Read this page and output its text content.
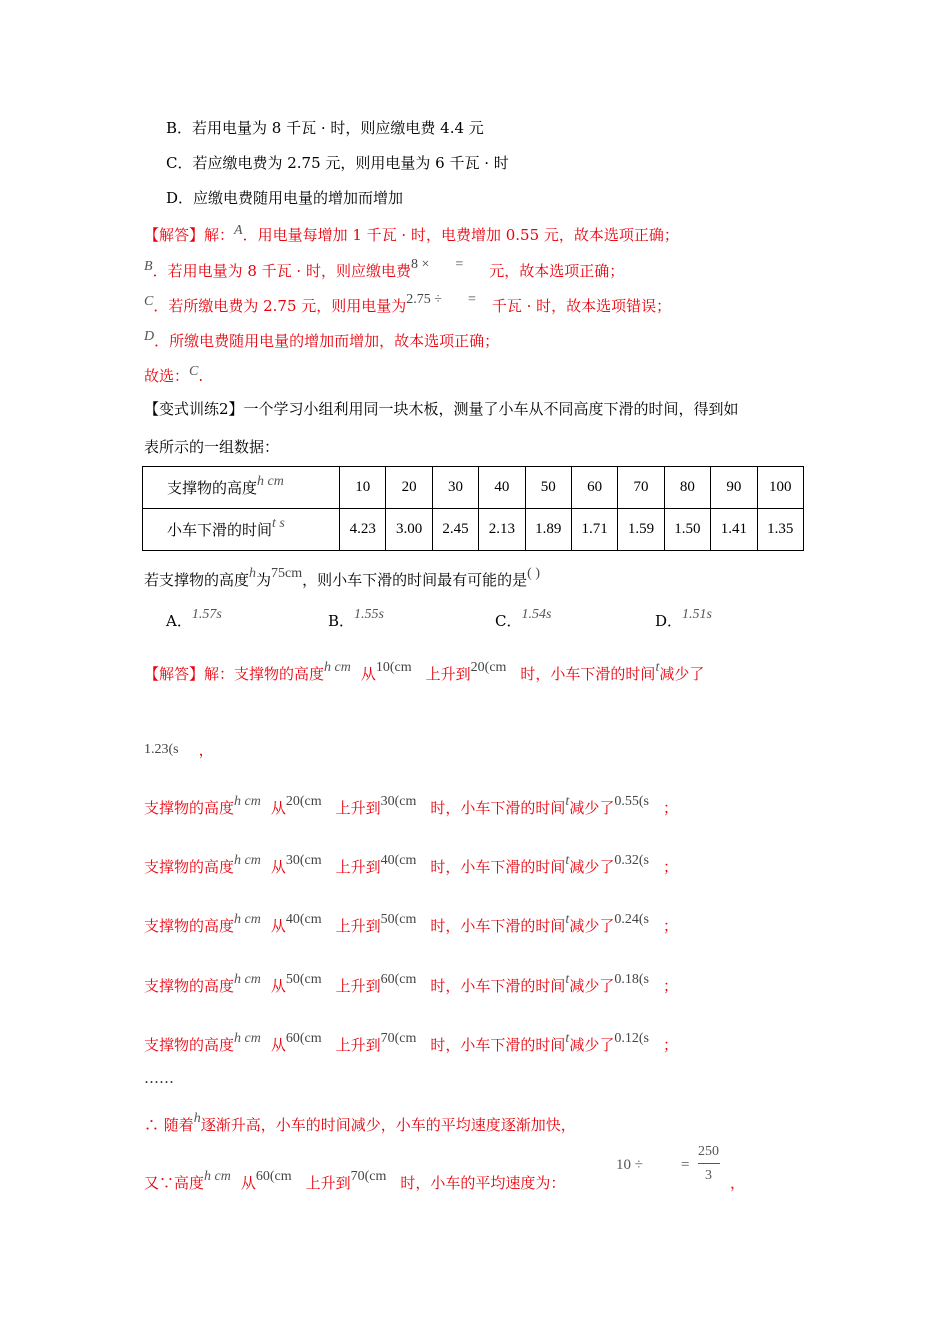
B．若用电量为 8 千瓦 · 时，则应缴电费 4.4 元
C．若应缴电费为 2.75 元，则用电量为 6 千瓦 · 时
D．应缴电费随用电量的增加而增加
【解答】解：A．用电量每增加 1 千瓦 · 时，电费增加 0.55 元，故本选项正确；
B．若用电量为 8 千瓦 · 时，则应缴电费8 × = 元，故本选项正确；
C．若所缴电费为 2.75 元，则用电量为2.75 ÷ = 千瓦 · 时，故本选项错误；
D．所缴电费随用电量的增加而增加，故本选项正确；
故选：C.
【变式训练2】一个学习小组利用同一块木板，测量了小车从不同高度下滑的时间，得到如
表所示的一组数据：
支撑物的高度h cm	10	20	30	40	50	60	70	80	90	100
小车下滑的时间t s	4.23	3.00	2.45	2.13	1.89	1.71	1.59	1.50	1.41	1.35
若支撑物的高度h为75cm，则小车下滑的时间最有可能的是( )
A．1.57s	B．1.55s	C．1.54s	D．1.51s
【解答】解：支撑物的高度h cm 从10(cm 上升到20(cm 时，小车下滑的时间t减少了
1.23(s ，
支撑物的高度h cm 从20(cm 上升到30(cm 时，小车下滑的时间t减少了0.55(s ；
支撑物的高度h cm 从30(cm 上升到40(cm 时，小车下滑的时间t减少了0.32(s ；
支撑物的高度h cm 从40(cm 上升到50(cm 时，小车下滑的时间t减少了0.24(s ；
支撑物的高度h cm 从50(cm 上升到60(cm 时，小车下滑的时间t减少了0.18(s ；
支撑物的高度h cm 从60(cm 上升到70(cm 时，小车下滑的时间t减少了0.12(s ；
……
∴ 随着h逐渐升高，小车的时间减少，小车的平均速度逐渐加快，
又∵高度h cm 从60(cm 上升到70(cm 时，小车的平均速度为：
10 ÷	=
250
3 ，
